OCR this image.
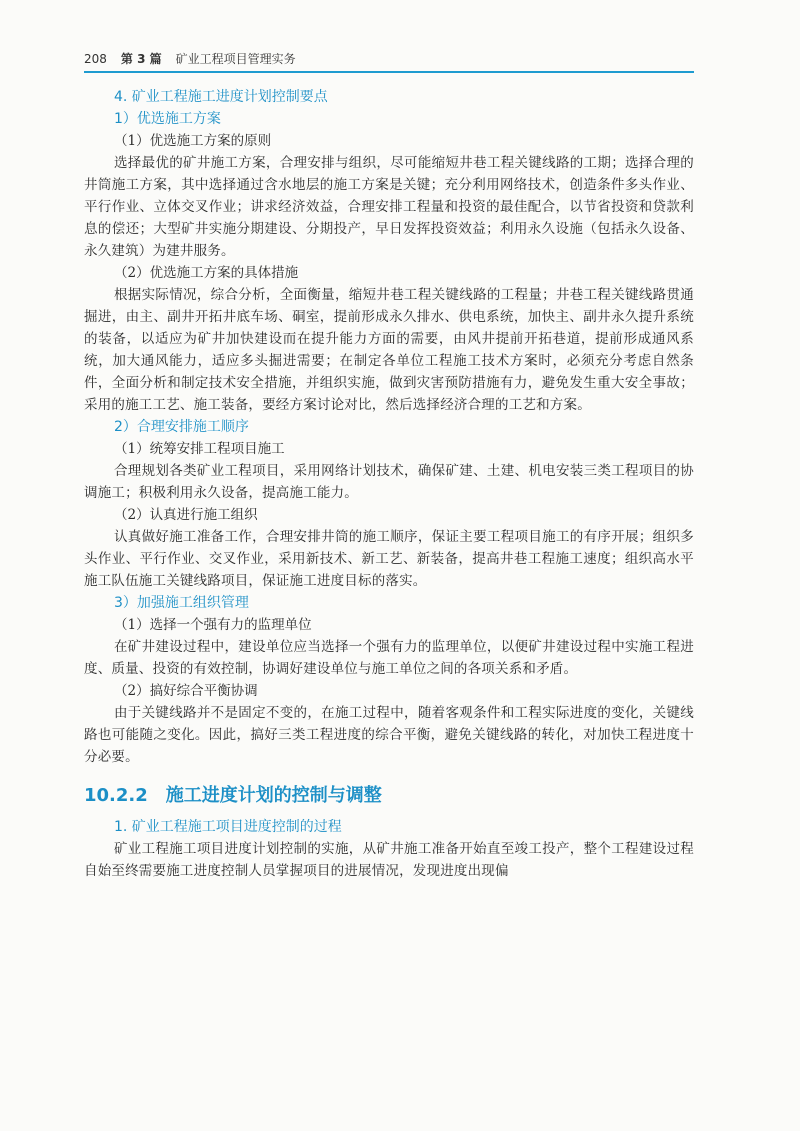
208 第 3 篇 矿业工程项目管理实务

4. 矿业工程施工进度计划控制要点

1）优选施工方案

（1）优选施工方案的原则

选择最优的矿井施工方案，合理安排与组织，尽可能缩短井巷工程关键线路的工期；选择合理的井筒施工方案，其中选择通过含水地层的施工方案是关键；充分利用网络技术，创造条件多头作业、平行作业、立体交叉作业；讲求经济效益，合理安排工程量和投资的最佳配合，以节省投资和贷款利息的偿还；大型矿井实施分期建设、分期投产，早日发挥投资效益；利用永久设施（包括永久设备、永久建筑）为建井服务。

（2）优选施工方案的具体措施

根据实际情况，综合分析，全面衡量，缩短井巷工程关键线路的工程量；井巷工程关键线路贯通掘进，由主、副井开拓井底车场、硐室，提前形成永久排水、供电系统，加快主、副井永久提升系统的装备，以适应为矿井加快建设而在提升能力方面的需要，由风井提前开拓巷道，提前形成通风系统，加大通风能力，适应多头掘进需要；在制定各单位工程施工技术方案时，必须充分考虑自然条件，全面分析和制定技术安全措施，并组织实施，做到灾害预防措施有力，避免发生重大安全事故；采用的施工工艺、施工装备，要经方案讨论对比，然后选择经济合理的工艺和方案。

2）合理安排施工顺序

（1）统筹安排工程项目施工

合理规划各类矿业工程项目，采用网络计划技术，确保矿建、土建、机电安装三类工程项目的协调施工；积极利用永久设备，提高施工能力。

（2）认真进行施工组织

认真做好施工准备工作，合理安排井筒的施工顺序，保证主要工程项目施工的有序开展；组织多头作业、平行作业、交叉作业，采用新技术、新工艺、新装备，提高井巷工程施工速度；组织高水平施工队伍施工关键线路项目，保证施工进度目标的落实。

3）加强施工组织管理

（1）选择一个强有力的监理单位

在矿井建设过程中，建设单位应当选择一个强有力的监理单位，以便矿井建设过程中实施工程进度、质量、投资的有效控制，协调好建设单位与施工单位之间的各项关系和矛盾。

（2）搞好综合平衡协调

由于关键线路并不是固定不变的，在施工过程中，随着客观条件和工程实际进度的变化，关键线路也可能随之变化。因此，搞好三类工程进度的综合平衡，避免关键线路的转化，对加快工程进度十分必要。

10.2.2 施工进度计划的控制与调整

1. 矿业工程施工项目进度控制的过程

矿业工程施工项目进度计划控制的实施，从矿井施工准备开始直至竣工投产，整个工程建设过程自始至终需要施工进度控制人员掌握项目的进展情况，发现进度出现偏
